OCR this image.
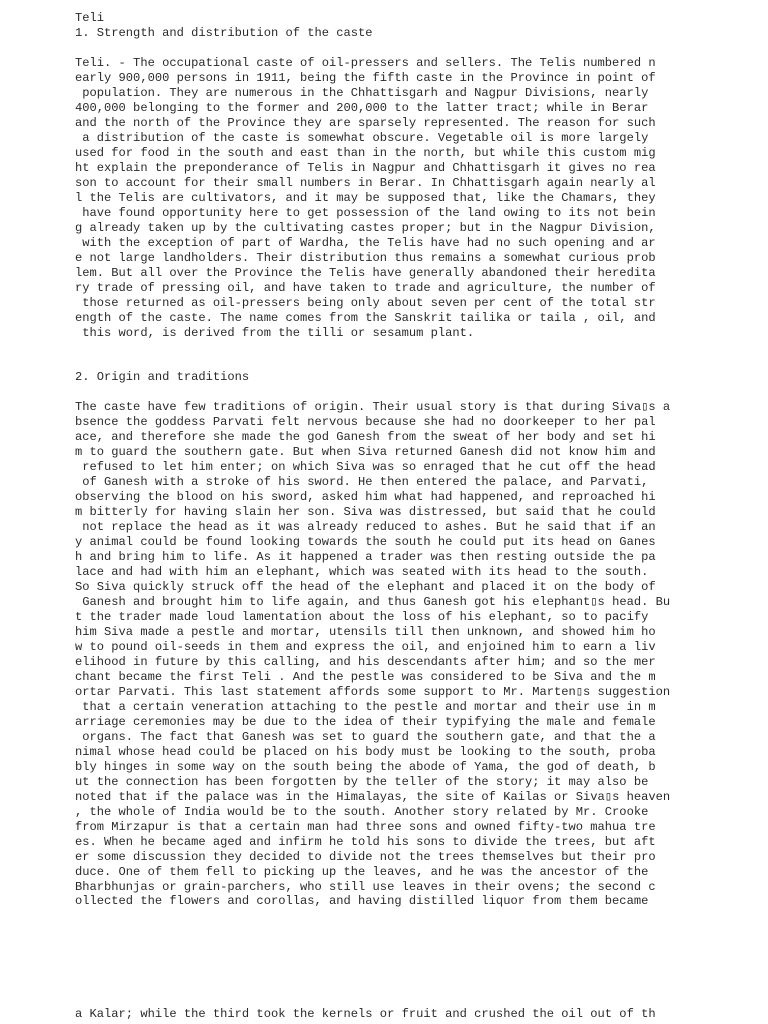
Teli

1. Strength and distribution of the caste

Teli. - The occupational caste of oil-pressers and sellers. The Telis numbered n

early 900,000 persons in 1911, being the fifth caste in the Province in point of

population. They are numerous in the Chhattisgarh and Nagpur Divisions, nearly

400,000 belonging to the former and 200,000 to the latter tract; while in Berar

and the north of the Province they are sparsely represented. The reason for such

a distribution of the caste is somewhat obscure. Vegetable oil is more largely

used for food in the south and east than in the north, but while this custom mig

ht explain the preponderance of Telis in Nagpur and Chhattisgarh it gives no rea

son to account for their small numbers in Berar. In Chhattisgarh again nearly al

l the Telis are cultivators, and it may be supposed that, like the Chamars, they

have found opportunity here to get possession of the land owing to its not bein

g already taken up by the cultivating castes proper; but in the Nagpur Division,

with the exception of part of Wardha, the Telis have had no such opening and ar

e not large landholders. Their distribution thus remains a somewhat curious prob

lem. But all over the Province the Telis have generally abandoned their heredita

ry trade of pressing oil, and have taken to trade and agriculture, the number of

those returned as oil-pressers being only about seven per cent of the total str

ength of the caste. The name comes from the Sanskrit tailika or taila , oil, and

this word, is derived from the tilli or sesamum plant.

2. Origin and traditions

The caste have few traditions of origin. Their usual story is that during Siva▯s a

bsence the goddess Parvati felt nervous because she had no doorkeeper to her pal

ace, and therefore she made the god Ganesh from the sweat of her body and set hi

m to guard the southern gate. But when Siva returned Ganesh did not know him and

refused to let him enter; on which Siva was so enraged that he cut off the head

of Ganesh with a stroke of his sword. He then entered the palace, and Parvati,

observing the blood on his sword, asked him what had happened, and reproached hi

m bitterly for having slain her son. Siva was distressed, but said that he could

not replace the head as it was already reduced to ashes. But he said that if an

y animal could be found looking towards the south he could put its head on Ganes

h and bring him to life. As it happened a trader was then resting outside the pa

lace and had with him an elephant, which was seated with its head to the south.

So Siva quickly struck off the head of the elephant and placed it on the body of

Ganesh and brought him to life again, and thus Ganesh got his elephant▯s head. Bu

t the trader made loud lamentation about the loss of his elephant, so to pacify

him Siva made a pestle and mortar, utensils till then unknown, and showed him ho

w to pound oil-seeds in them and express the oil, and enjoined him to earn a liv

elihood in future by this calling, and his descendants after him; and so the mer

chant became the first Teli . And the pestle was considered to be Siva and the m

ortar Parvati. This last statement affords some support to Mr. Marten▯s suggestion

that a certain veneration attaching to the pestle and mortar and their use in m

arriage ceremonies may be due to the idea of their typifying the male and female

organs. The fact that Ganesh was set to guard the southern gate, and that the a

nimal whose head could be placed on his body must be looking to the south, proba

bly hinges in some way on the south being the abode of Yama, the god of death, b

ut the connection has been forgotten by the teller of the story; it may also be

noted that if the palace was in the Himalayas, the site of Kailas or Siva▯s heaven

, the whole of India would be to the south. Another story related by Mr. Crooke

from Mirzapur is that a certain man had three sons and owned fifty-two mahua tre

es. When he became aged and infirm he told his sons to divide the trees, but aft

er some discussion they decided to divide not the trees themselves but their pro

duce. One of them fell to picking up the leaves, and he was the ancestor of the

Bharbhunjas or grain-parchers, who still use leaves in their ovens; the second c

ollected the flowers and corollas, and having distilled liquor from them became

a Kalar; while the third took the kernels or fruit and crushed the oil out of th
